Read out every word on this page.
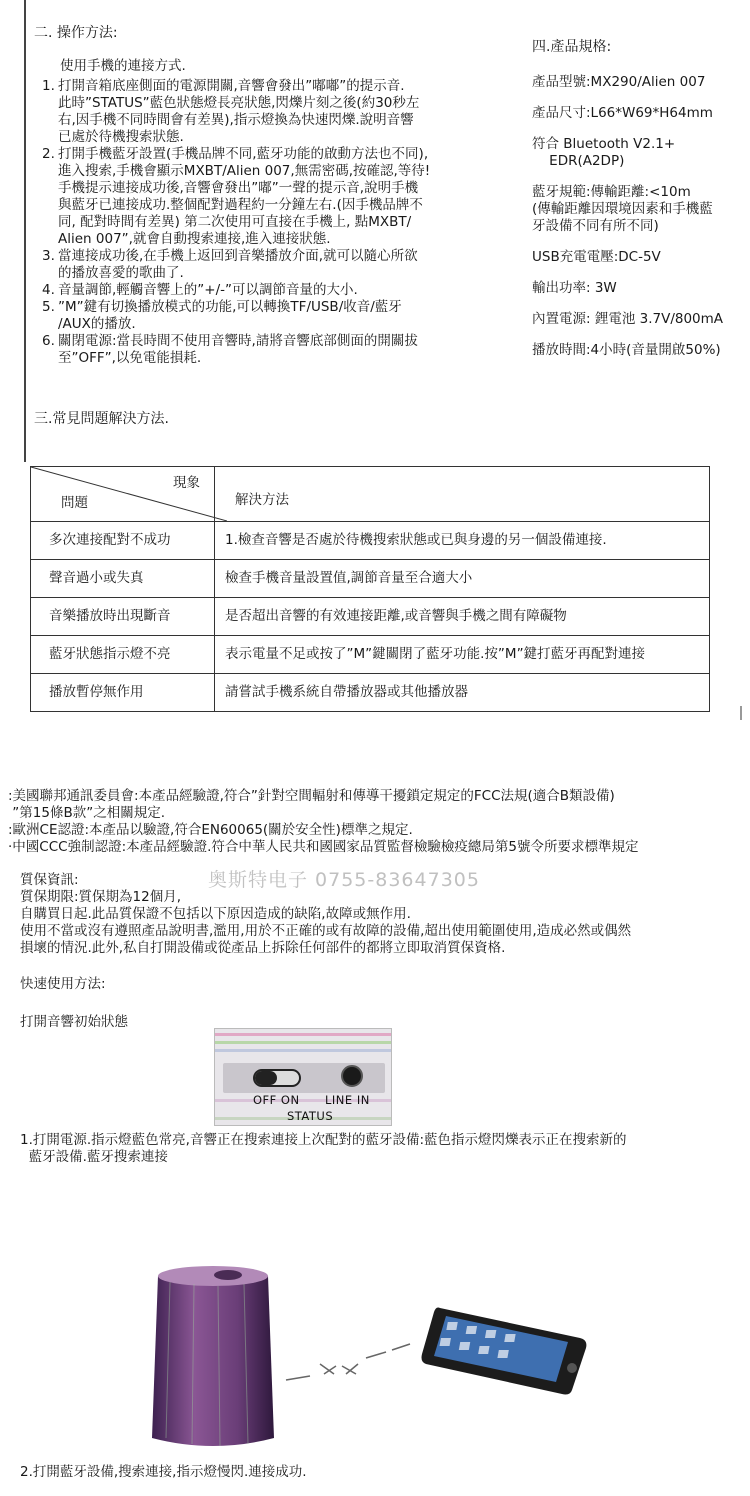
二. 操作方法:
使用手機的連接方式.
1. 打開音箱底座側面的電源開關,音響會發出”嘟嘟”的提示音.
此時”STATUS”藍色狀態燈長亮狀態,閃爍片刻之後(約30秒左
右,因手機不同時間會有差異),指示燈換為快速閃爍.說明音響
已處於待機搜索狀態.
2. 打開手機藍牙設置(手機品牌不同,藍牙功能的啟動方法也不同),
進入搜索,手機會顯示MXBT/Alien 007,無需密碼,按確認,等待!
手機提示連接成功後,音響會發出”嘟”一聲的提示音,說明手機
與藍牙已連接成功.整個配對過程約一分鐘左右.(因手機品牌不
同, 配對時間有差異) 第二次使用可直接在手機上, 點MXBT/
Alien 007”,就會自動搜索連接,進入連接狀態.
3. 當連接成功後,在手機上返回到音樂播放介面,就可以隨心所欲
的播放喜愛的歌曲了.
4. 音量調節,輕觸音響上的”+/-”可以調節音量的大小.
5. ”M”鍵有切換播放模式的功能,可以轉換TF/USB/收音/藍牙
/AUX的播放.
6. 關閉電源:當長時間不使用音響時,請將音響底部側面的開關拔
至”OFF”,以免電能損耗.
四.產品規格:
產品型號:MX290/Alien 007
產品尺寸:L66*W69*H64mm
符合 Bluetooth V2.1+
EDR(A2DP)
藍牙規範:傳輸距離:<10m
(傳輸距離因環境因素和手機藍
牙設備不同有所不同)
USB充電電壓:DC-5V
輸出功率: 3W
內置電源: 鋰電池 3.7V/800mA
播放時間:4小時(音量開啟50%)
三.常見問題解決方法.
現象
問題	解決方法
多次連接配對不成功	1.檢查音響是否處於待機搜索狀態或已與身邊的另一個設備連接.
聲音過小或失真	檢查手機音量設置值,調節音量至合適大小
音樂播放時出現斷音	是否超出音響的有效連接距離,或音響與手機之間有障礙物
藍牙狀態指示燈不亮	表示電量不足或按了”M”鍵關閉了藍牙功能.按”M”鍵打藍牙再配對連接
播放暫停無作用	請嘗試手機系統自帶播放器或其他播放器
:美國聯邦通訊委員會:本產品經驗證,符合”針對空間輻射和傳導干擾鎖定規定的FCC法規(適合B類設備)
”第15條B款”之相關規定.
:歐洲CE認證:本產品以驗證,符合EN60065(關於安全性)標準之規定.
·中國CCC強制認證:本產品經驗證.符合中華人民共和國國家品質監督檢驗檢疫總局第5號令所要求標準規定
質保資訊:
質保期限:質保期為12個月,
自購買日起.此品質保證不包括以下原因造成的缺陷,故障或無作用.
使用不當或沒有遵照產品說明書,濫用,用於不正確的或有故障的設備,超出使用範圍使用,造成必然或偶然
損壞的情況.此外,私自打開設備或從產品上拆除任何部件的都將立即取消質保資格.
奥斯特电子 0755-83647305
快速使用方法:
打開音響初始狀態
OFF ON LINE IN
STATUS
1.打開電源.指示燈藍色常亮,音響正在搜索連接上次配對的藍牙設備:藍色指示燈閃爍表示正在搜索新的
藍牙設備.藍牙搜索連接
2.打開藍牙設備,搜索連接,指示燈慢閃.連接成功.
